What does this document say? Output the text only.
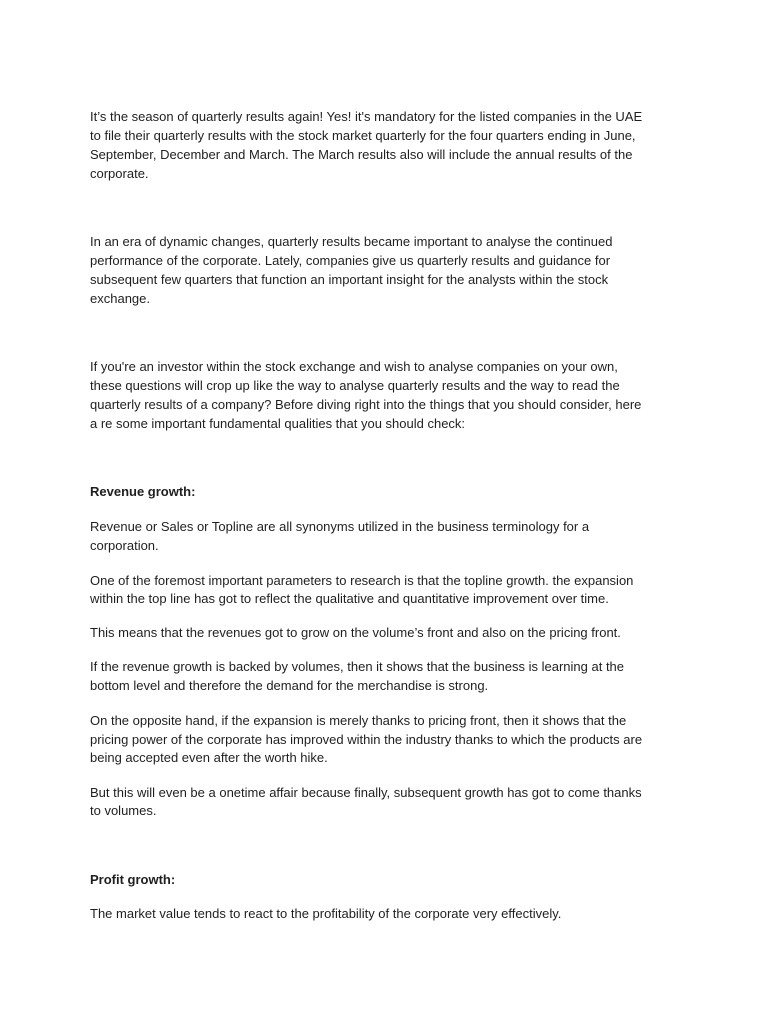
It’s the season of quarterly results again! Yes! it's mandatory for the listed companies in the UAE
to file their quarterly results with the stock market quarterly for the four quarters ending in June,
September, December and March. The March results also will include the annual results of the
corporate.
In an era of dynamic changes, quarterly results became important to analyse the continued
performance of the corporate. Lately, companies give us quarterly results and guidance for
subsequent few quarters that function an important insight for the analysts within the stock
exchange.
If you're an investor within the stock exchange and wish to analyse companies on your own,
these questions will crop up like the way to analyse quarterly results and the way to read the
quarterly results of a company? Before diving right into the things that you should consider, here
a re some important fundamental qualities that you should check:
Revenue growth:
Revenue or Sales or Topline are all synonyms utilized in the business terminology for a
corporation.
One of the foremost important parameters to research is that the topline growth. the expansion
within the top line has got to reflect the qualitative and quantitative improvement over time.
This means that the revenues got to grow on the volume’s front and also on the pricing front.
If the revenue growth is backed by volumes, then it shows that the business is learning at the
bottom level and therefore the demand for the merchandise is strong.
On the opposite hand, if the expansion is merely thanks to pricing front, then it shows that the
pricing power of the corporate has improved within the industry thanks to which the products are
being accepted even after the worth hike.
But this will even be a onetime affair because finally, subsequent growth has got to come thanks
to volumes.
Profit growth:
The market value tends to react to the profitability of the corporate very effectively.
